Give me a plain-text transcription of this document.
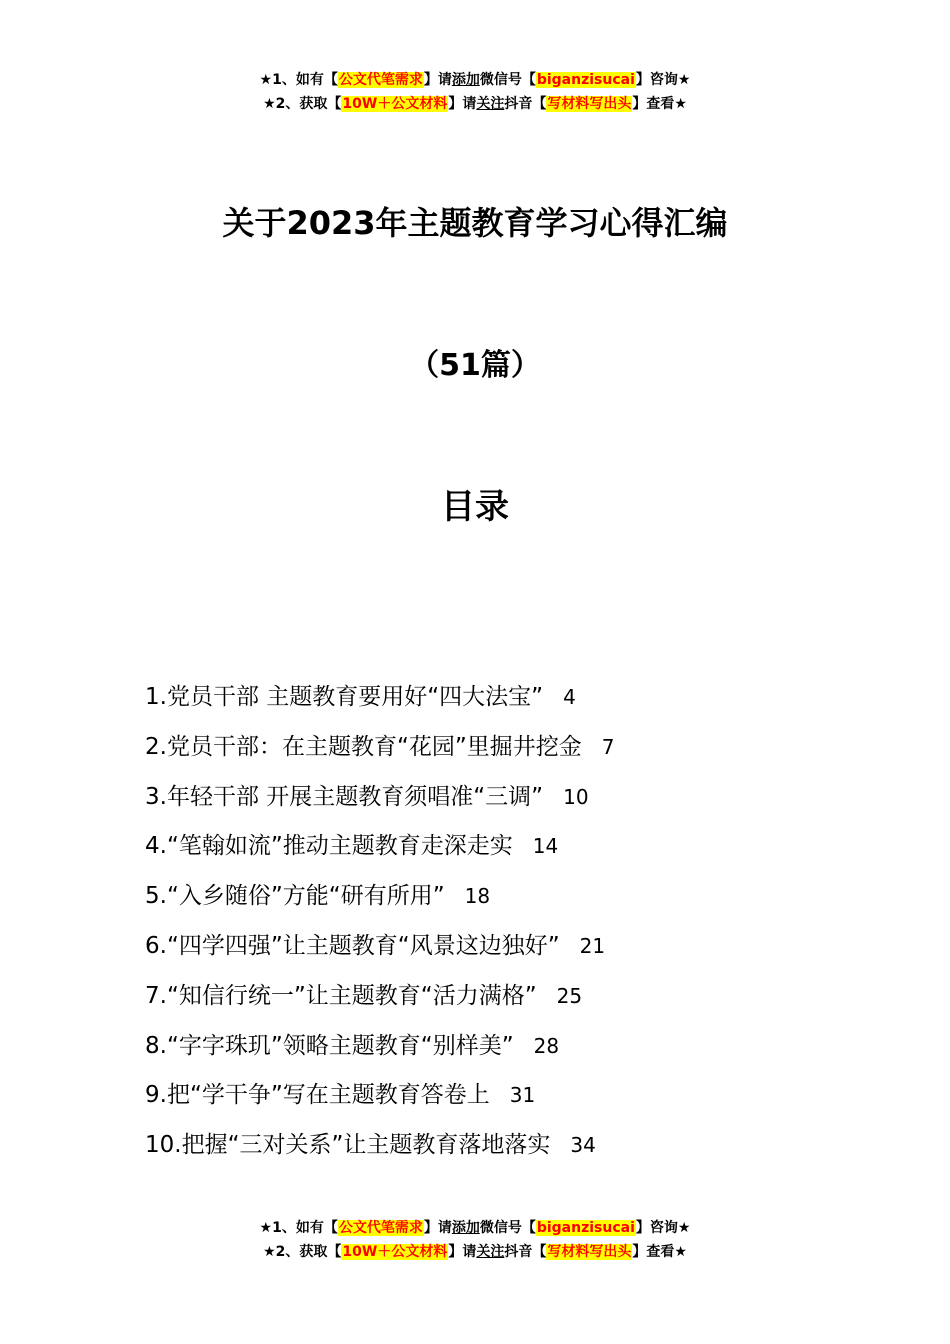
★1、如有【公文代笔需求】请添加微信号【biganzisucai】咨询★
★2、获取【10W＋公文材料】请关注抖音【写材料写出头】查看★
关于2023年主题教育学习心得汇编
（51篇）
目录
1.党员干部 主题教育要用好“四大法宝” 4
2.党员干部：在主题教育“花园”里掘井挖金 7
3.年轻干部 开展主题教育须唱准“三调” 10
4.“笔翰如流”推动主题教育走深走实 14
5.“入乡随俗”方能“研有所用” 18
6.“四学四强”让主题教育“风景这边独好” 21
7.“知信行统一”让主题教育“活力满格” 25
8.“字字珠玑”领略主题教育“别样美” 28
9.把“学干争”写在主题教育答卷上 31
10.把握“三对关系”让主题教育落地落实 34
★1、如有【公文代笔需求】请添加微信号【biganzisucai】咨询★
★2、获取【10W＋公文材料】请关注抖音【写材料写出头】查看★
